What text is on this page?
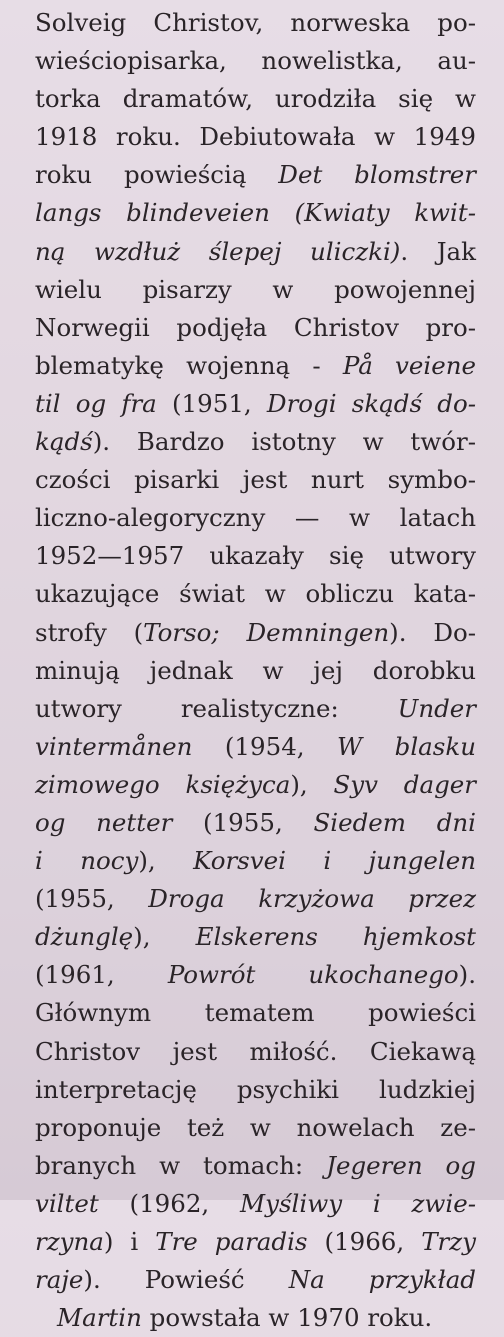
Solveig Christov, norweska po-
wieściopisarka, nowelistka, au-
torka dramatów, urodziła się w
1918 roku. Debiutowała w 1949
roku powieścią Det blomstrer
langs blindeveien (Kwiaty kwit-
ną wzdłuż ślepej uliczki). Jak
wielu pisarzy w powojennej
Norwegii podjęła Christov pro-
blematykę wojenną - På veiene
til og fra (1951, Drogi skądś do-
kądś). Bardzo istotny w twór-
czości pisarki jest nurt symbo-
liczno-alegoryczny — w latach
1952—1957 ukazały się utwory
ukazujące świat w obliczu kata-
strofy (Torso; Demningen). Do-
minują jednak w jej dorobku
utwory realistyczne: Under
vintermånen (1954, W blasku
zimowego księżyca), Syv dager
og netter (1955, Siedem dni
i nocy), Korsvei i jungelen
(1955, Droga krzyżowa przez
dżunglę), Elskerens hjemkost
(1961, Powrót ukochanego).
Głównym tematem powieści
Christov jest miłość. Ciekawą
interpretację psychiki ludzkiej
proponuje też w nowelach ze-
branych w tomach: Jegeren og
viltet (1962, Myśliwy i zwie-
rzyna) i Tre paradis (1966, Trzy
raje). Powieść Na przykład
Martin powstała w 1970 roku.
